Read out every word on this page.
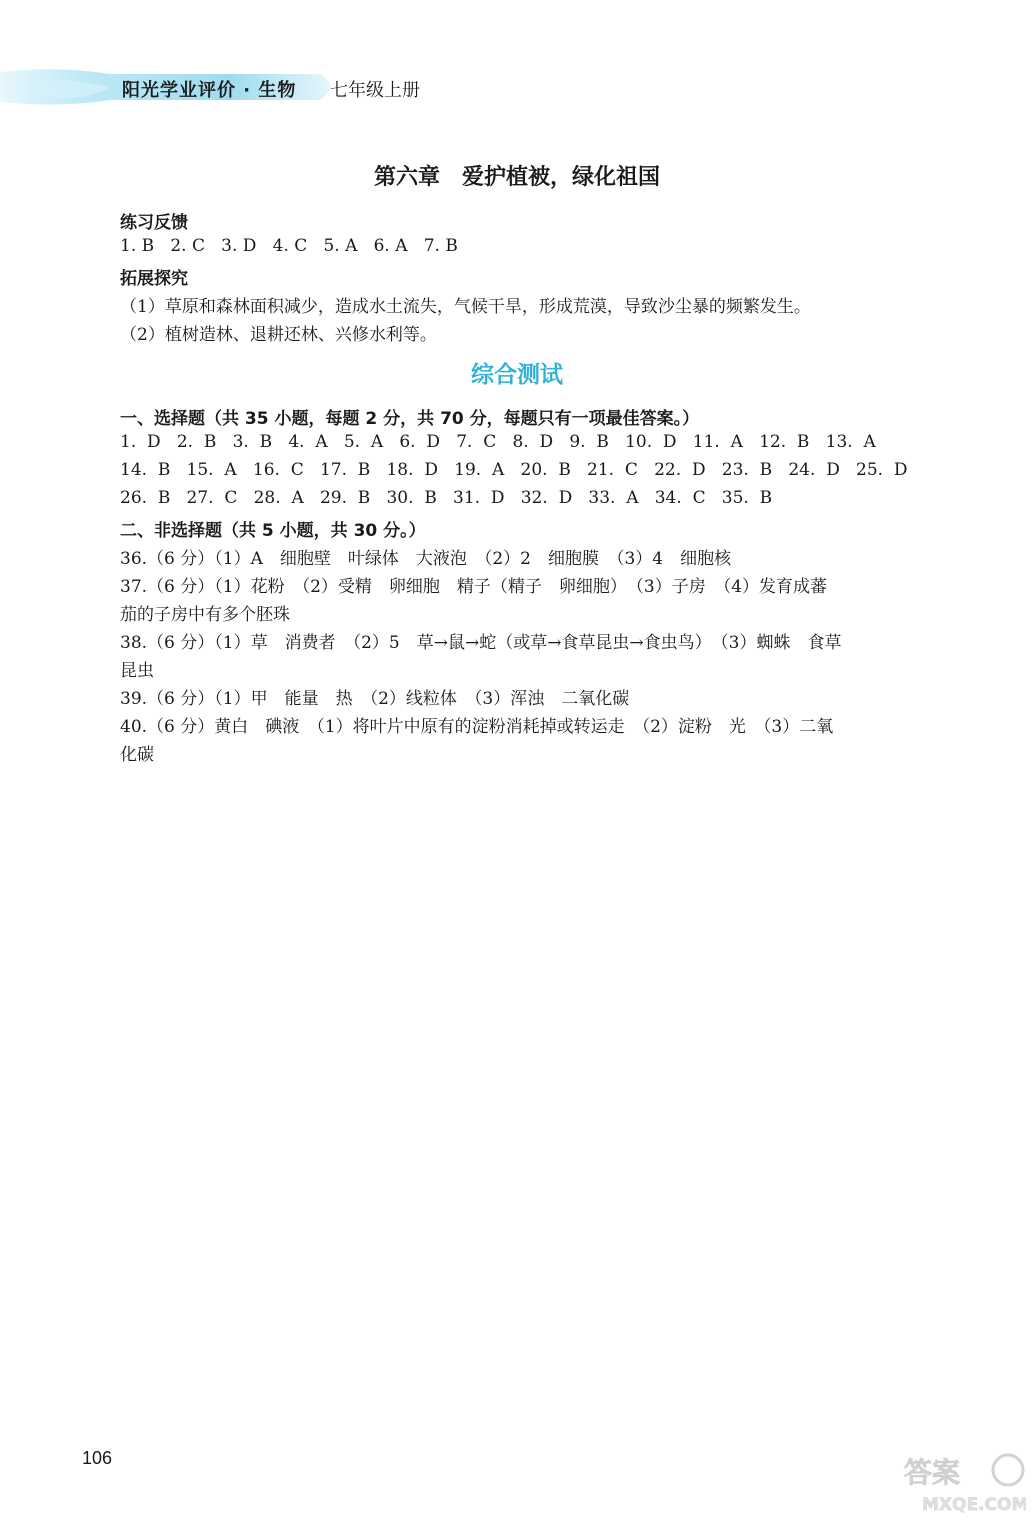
阳光学业评价 · 生物 七年级上册
第六章　爱护植被，绿化祖国
练习反馈
1. B   2. C   3. D   4. C   5. A   6. A   7. B
拓展探究
（1）草原和森林面积减少，造成水土流失，气候干旱，形成荒漠，导致沙尘暴的频繁发生。
（2）植树造林、退耕还林、兴修水利等。
综合测试
一、选择题（共 35 小题，每题 2 分，共 70 分，每题只有一项最佳答案。）
1.  D   2.  B   3.  B   4.  A   5.  A   6.  D   7.  C   8.  D   9.  B   10.  D   11.  A   12.  B   13.  A
14.  B   15.  A   16.  C   17.  B   18.  D   19.  A   20.  B   21.  C   22.  D   23.  B   24.  D   25.  D
26.  B   27.  C   28.  A   29.  B   30.  B   31.  D   32.  D   33.  A   34.  C   35.  B
二、非选择题（共 5 小题，共 30 分。）
36.（6 分）（1）A　细胞壁　叶绿体　大液泡　（2）2　细胞膜　（3）4　细胞核
37.（6 分）（1）花粉　（2）受精　卵细胞　精子（精子　卵细胞）　（3）子房　（4）发育成蕃
茄的子房中有多个胚珠
38.（6 分）（1）草　消费者　（2）5　草→鼠→蛇（或草→食草昆虫→食虫鸟）　（3）蜘蛛　食草
昆虫
39.（6 分）（1）甲　能量　热　（2）线粒体　（3）浑浊　二氧化碳
40.（6 分）黄白　碘液　（1）将叶片中原有的淀粉消耗掉或转运走　（2）淀粉　光　（3）二氧
化碳
106	答案
MXQE.COM
